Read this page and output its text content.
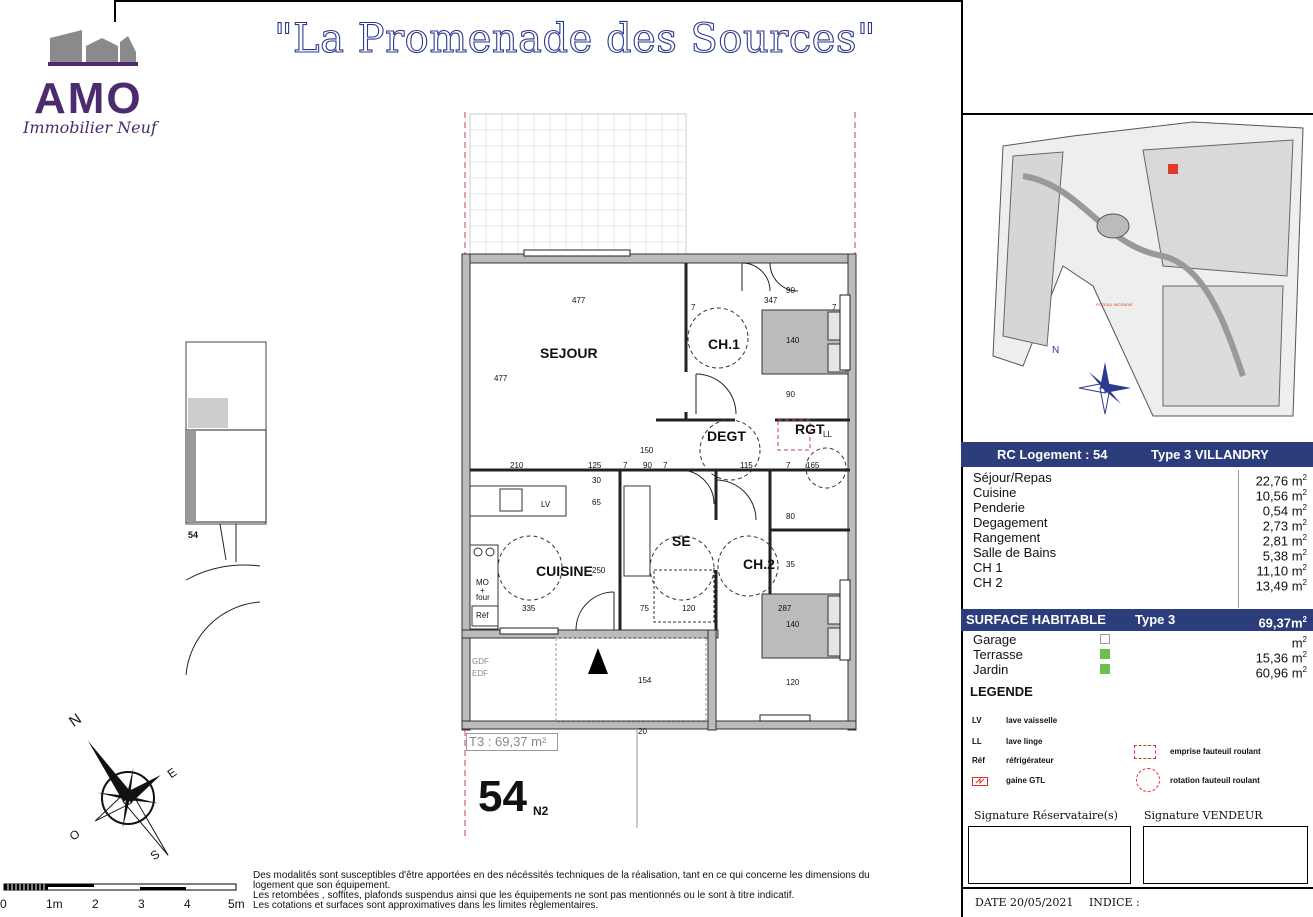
AMO
Immobilier Neuf
"La Promenade des Sources"
SEJOUR
CH.1
DEGT	RGT
CUISINE
SE
CH.2
LV
LL
MO
+
four
Réf
GDF
EDF
477	347
90
140
477
90
150
210	125	7 90 7	115	7 165
30
65
250
335	75	120	287
140
120
154
20
7	7
80
35
T3 : 69,37 m²
54 N2
54
N
E
S
O
0	1m 2	3	4	5m
Des modalités sont susceptibles d'être apportées en des nécéssités techniques de la réalisation, tant en ce qui concerne les dimensions du
logement que son équipement.
Les retombées , soffites, plafonds suspendus ainsi que les équipements ne sont pas mentionnés ou le sont à titre indicatif.
Les cotations et surfaces sont approximatives dans les limites règlementaires.
POTEAU INCENDIE
N
RC Logement : 54	Type 3 VILLANDRY
Séjour/Repas	22,76 $m^2$
Cuisine	10,56 $m^2$
Penderie	0,54 $m^2$
Degagement	2,73 $m^2$
Rangement	2,81 $m^2$
Salle de Bains	5,38 $m^2$
CH 1	11,10 $m^2$
CH 2	13,49 $m^2$
SURFACE HABITABLE Type 3	$69,37m^2$
Garage	$m^2$
Terrasse	15,36 $m^2$
Jardin	60,96 $m^2$
LEGENDE
LV	lave vaisselle
LL	lave linge
Réf	réfrigérateur
gaine GTL
emprise fauteuil roulant
rotation fauteuil roulant
Signature Réservataire(s) Signature VENDEUR
DATE 20/05/2021 INDICE :
